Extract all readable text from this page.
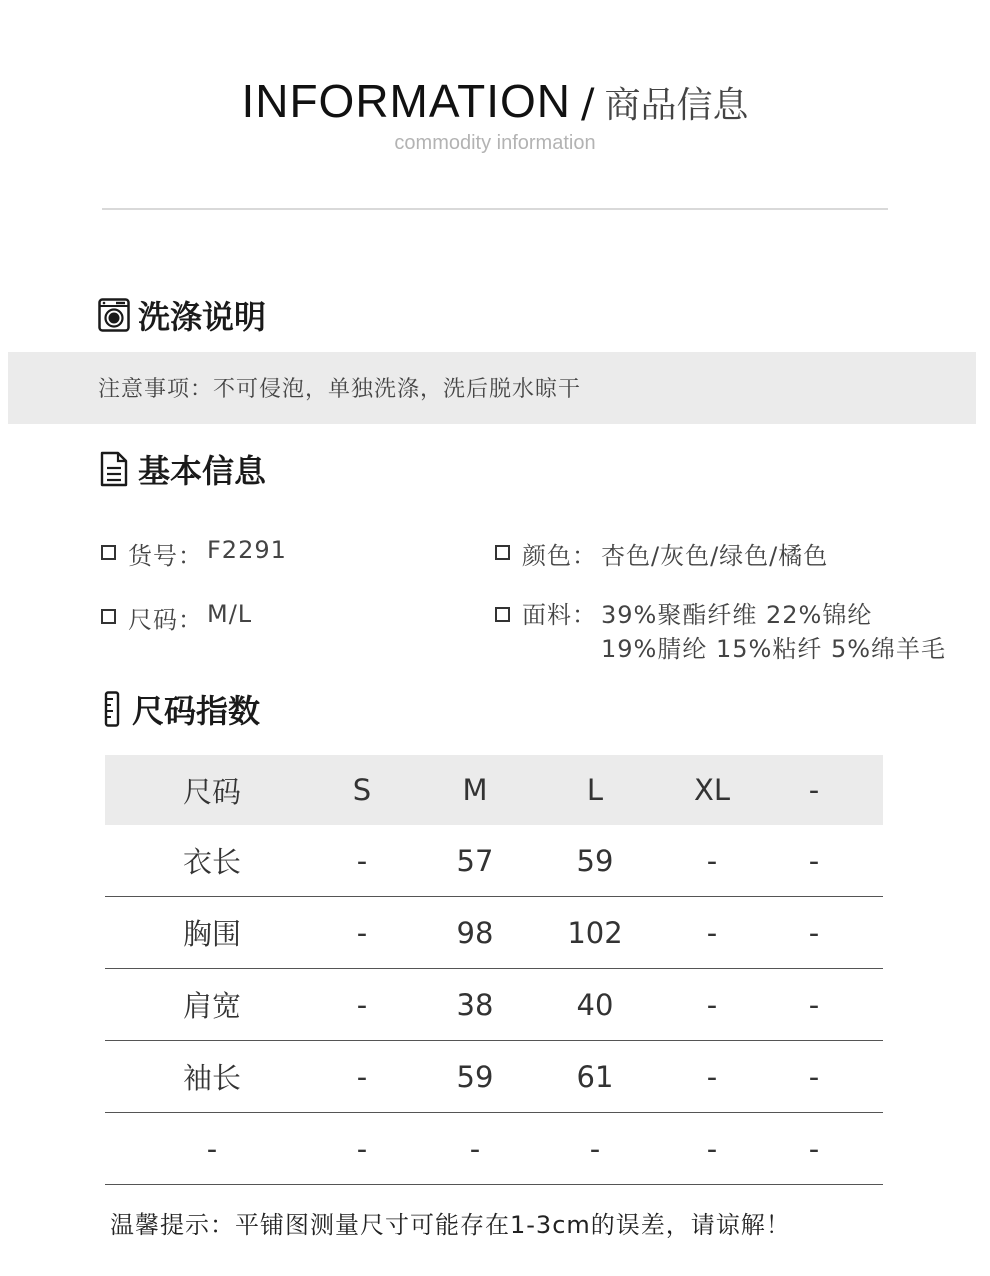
INFORMATION / 商品信息
commodity information
洗涤说明
注意事项：不可侵泡，单独洗涤，洗后脱水晾干
基本信息
货号： F2291	颜色： 杏色/灰色/绿色/橘色
尺码： M/L	面料： 39%聚酯纤维 22%锦纶
19%腈纶 15%粘纤 5%绵羊毛
尺码指数
尺码	S	M	L	XL	-
衣长	-	57	59	-	-
胸围	-	98	102	-	-
肩宽	-	38	40	-	-
袖长	-	59	61	-	-
-	-	-	-	-	-
温馨提示：平铺图测量尺寸可能存在1-3cm的误差，请谅解！
